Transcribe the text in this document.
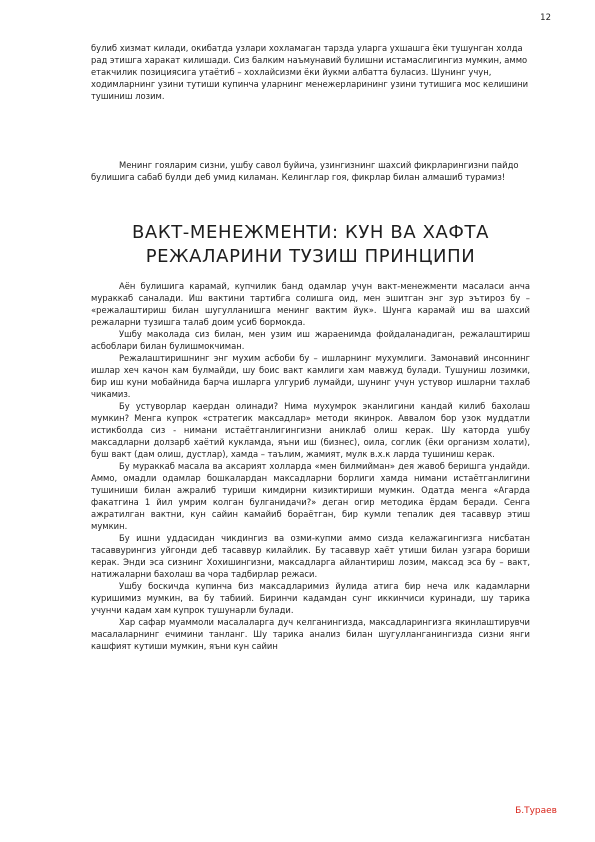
12

булиб хизмат килади, окибатда узлари хохламаган тарзда уларга ухшашга ёки тушунган холда рад этишга харакат килишади. Сиз балким наъмунавий булишни истамаслигингиз мумкин, аммо етакчилик позициясига утаётиб – хохлайсизми ёки йукми албатта буласиз. Шунинг учун, ходимларнинг узини тутиши купинча уларнинг менежерларининг узини тутишига мос келишини тушиниш лозим.

Менинг гояларим сизни, ушбу савол буйича, узингизнинг шахсий фикрларингизни пайдо булишига сабаб булди деб умид киламан. Келинглар гоя, фикрлар билан алмашиб турамиз!

ВАКТ-МЕНЕЖМЕНТИ: КУН ВА ХАФТА
РЕЖАЛАРИНИ ТУЗИШ ПРИНЦИПИ

Аён булишига карамай, купчилик банд одамлар учун вакт-менежменти масаласи анча мураккаб саналади. Иш вактини тартибга солишга оид, мен эшитган энг зур эътироз бу – «режалаштириш билан шугулланишга менинг вактим йук». Шунга карамай иш ва шахсий режаларни тузишга талаб доим усиб бормокда.

Ушбу маколада сиз билан, мен узим иш жараенимда фойдаланадиган, режалаштириш асбоблари билан булишмокчиман.

Режалаштиришнинг энг мухим асбоби бу – ишларнинг мухумлиги. Замонавий инсоннинг ишлар хеч качон кам булмайди, шу боис вакт камлиги хам мавжуд булади. Тушуниш лозимки, бир иш куни мобайнида барча ишларга улгуриб лумайди, шунинг учун устувор ишларни тахлаб чикамиз.

Бу устуворлар каердан олинади? Нима мухумрок эканлигини кандай килиб бахолаш мумкин? Менга купрок «стратегик максадлар» методи якинрок. Аввалом бор узок муддатли истикболда сиз - нимани истаётганлигингизни аниклаб олиш керак. Шу каторда ушбу максадларни долзарб хаётий кукламда, яъни иш (бизнес), оила, соглик (ёки организм холати), буш вакт (дам олиш, дустлар), хамда – таълим, жамият, мулк в.х.к ларда тушиниш керак.

Бу мураккаб масала ва аксарият холларда «мен билмийман» дея жавоб беришга ундайди. Аммо, омадли одамлар бошкалардан максадларни борлиги хамда нимани истаётганлигини тушиниши билан ажралиб туриши кимдирни кизиктириши мумкин. Одатда менга «Агарда факатгина 1 йил умрим колган булганидачи?» деган огир методика ёрдам беради. Сенга ажратилган вактни, кун сайин камайиб бораётган, бир кумли тепалик дея тасаввур этиш мумкин.

Бу ишни уддасидан чикдингиз ва озми-купми аммо сизда келажагингизга нисбатан тасаввурингиз уйгонди деб тасаввур килайлик. Бу тасаввур хаёт утиши билан узгара бориши керак. Энди эса сизнинг Хохишингизни, максадларга айлантириш лозим, максад эса бу – вакт, натижаларни бахолаш ва чора тадбирлар режаси.

Ушбу боскичда купинча биз максадларимиз йулида атига бир неча илк кадамларни куришимиз мумкин, ва бу табиий. Биринчи кадамдан сунг иккинчиси куринади, шу тарика учунчи кадам хам купрок тушунарли булади.

Хар сафар муаммоли масалаларга дуч келганингизда, максадларингизга якинлаштирувчи масалаларнинг ечимини танланг. Шу тарика анализ билан шугулланганингизда сизни янги кашфият кутиши мумкин, яъни кун сайин

Б.Тураев
